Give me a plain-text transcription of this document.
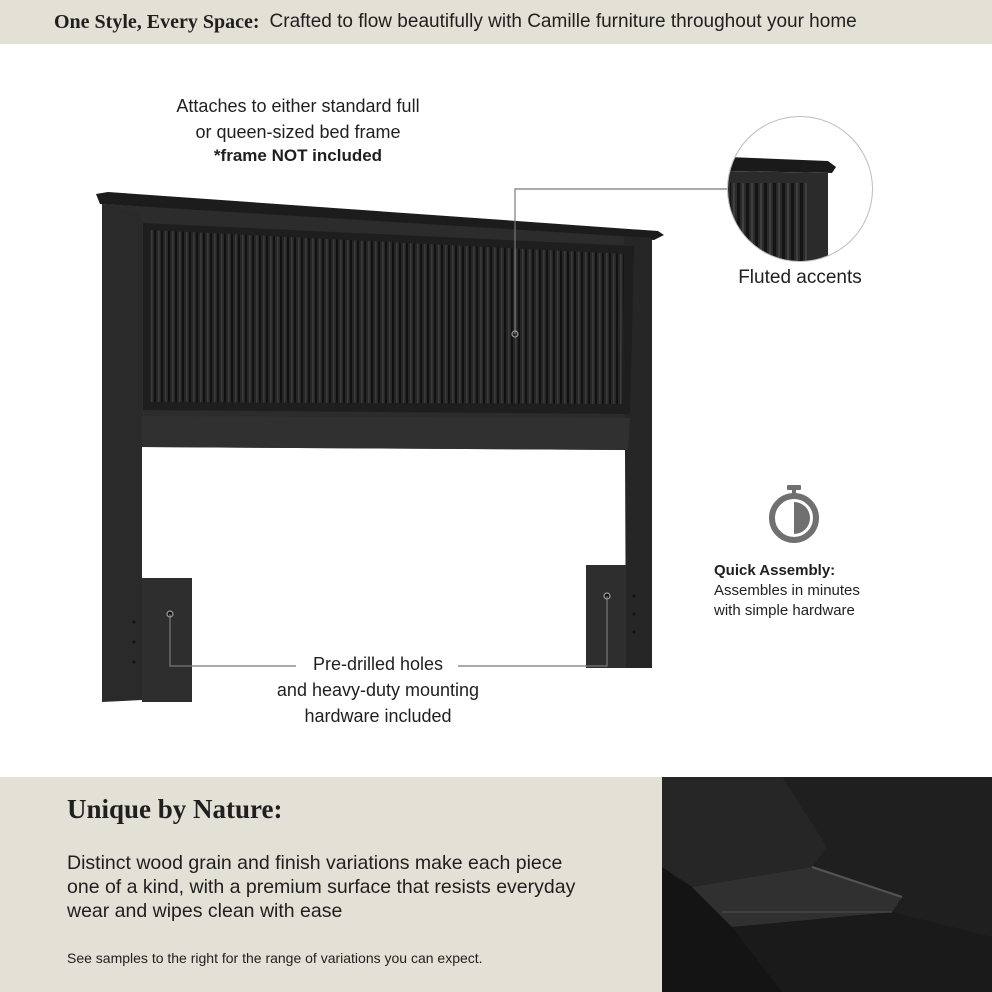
One Style, Every Space: Crafted to flow beautifully with Camille furniture throughout your home
Attaches to either standard full
or queen-sized bed frame
*frame NOT included
Fluted accents
Quick Assembly:
Assembles in minutes
with simple hardware
Pre-drilled holes
and heavy-duty mounting
hardware included
Unique by Nature:
Distinct wood grain and finish variations make each piece one of a kind, with a premium surface that resists everyday wear and wipes clean with ease
See samples to the right for the range of variations you can expect.
